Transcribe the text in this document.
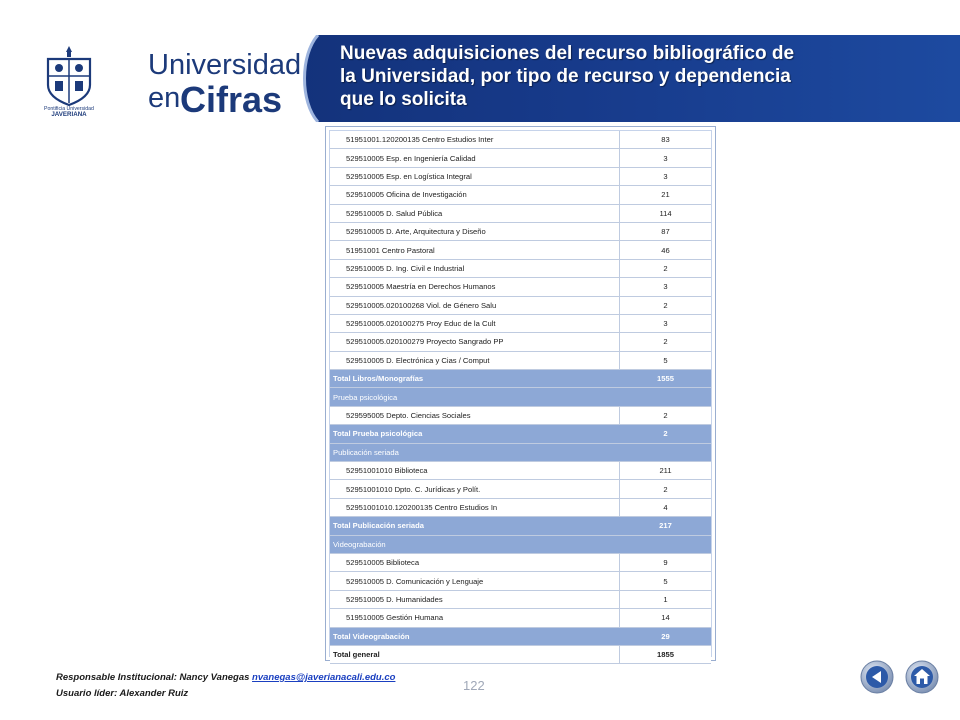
Pontificia Universidad
JAVERIANA
Universidad
en Cifras
Nuevas adquisiciones del recurso bibliográfico de
la Universidad, por tipo de recurso y dependencia
que lo solicita
51951001.120200135 Centro Estudios Inter	83
529510005 Esp. en Ingeniería Calidad	3
529510005 Esp. en Logística Integral	3
529510005 Oficina de Investigación	21
529510005 D. Salud Pública	114
529510005 D. Arte, Arquitectura y Diseño	87
51951001 Centro Pastoral	46
529510005 D. Ing. Civil e Industrial	2
529510005 Maestría en Derechos Humanos	3
529510005.020100268 Viol. de Género Salu	2
529510005.020100275 Proy Educ de la Cult	3
529510005.020100279 Proyecto Sangrado PP	2
529510005 D. Electrónica y Cias / Comput	5
Total Libros/Monografías	1555
Prueba psicológica
529595005 Depto. Ciencias Sociales	2
Total Prueba psicológica	2
Publicación seriada
52951001010 Biblioteca	211
52951001010 Dpto. C. Jurídicas y Polít.	2
52951001010.120200135 Centro Estudios In	4
Total Publicación seriada	217
Videograbación
529510005 Biblioteca	9
529510005 D. Comunicación y Lenguaje	5
529510005 D. Humanidades	1
519510005 Gestión Humana	14
Total Videograbación	29
Total general	1855
Responsable Institucional: Nancy Vanegas nvanegas@javerianacali.edu.co
Usuario líder: Alexander Ruiz
122
